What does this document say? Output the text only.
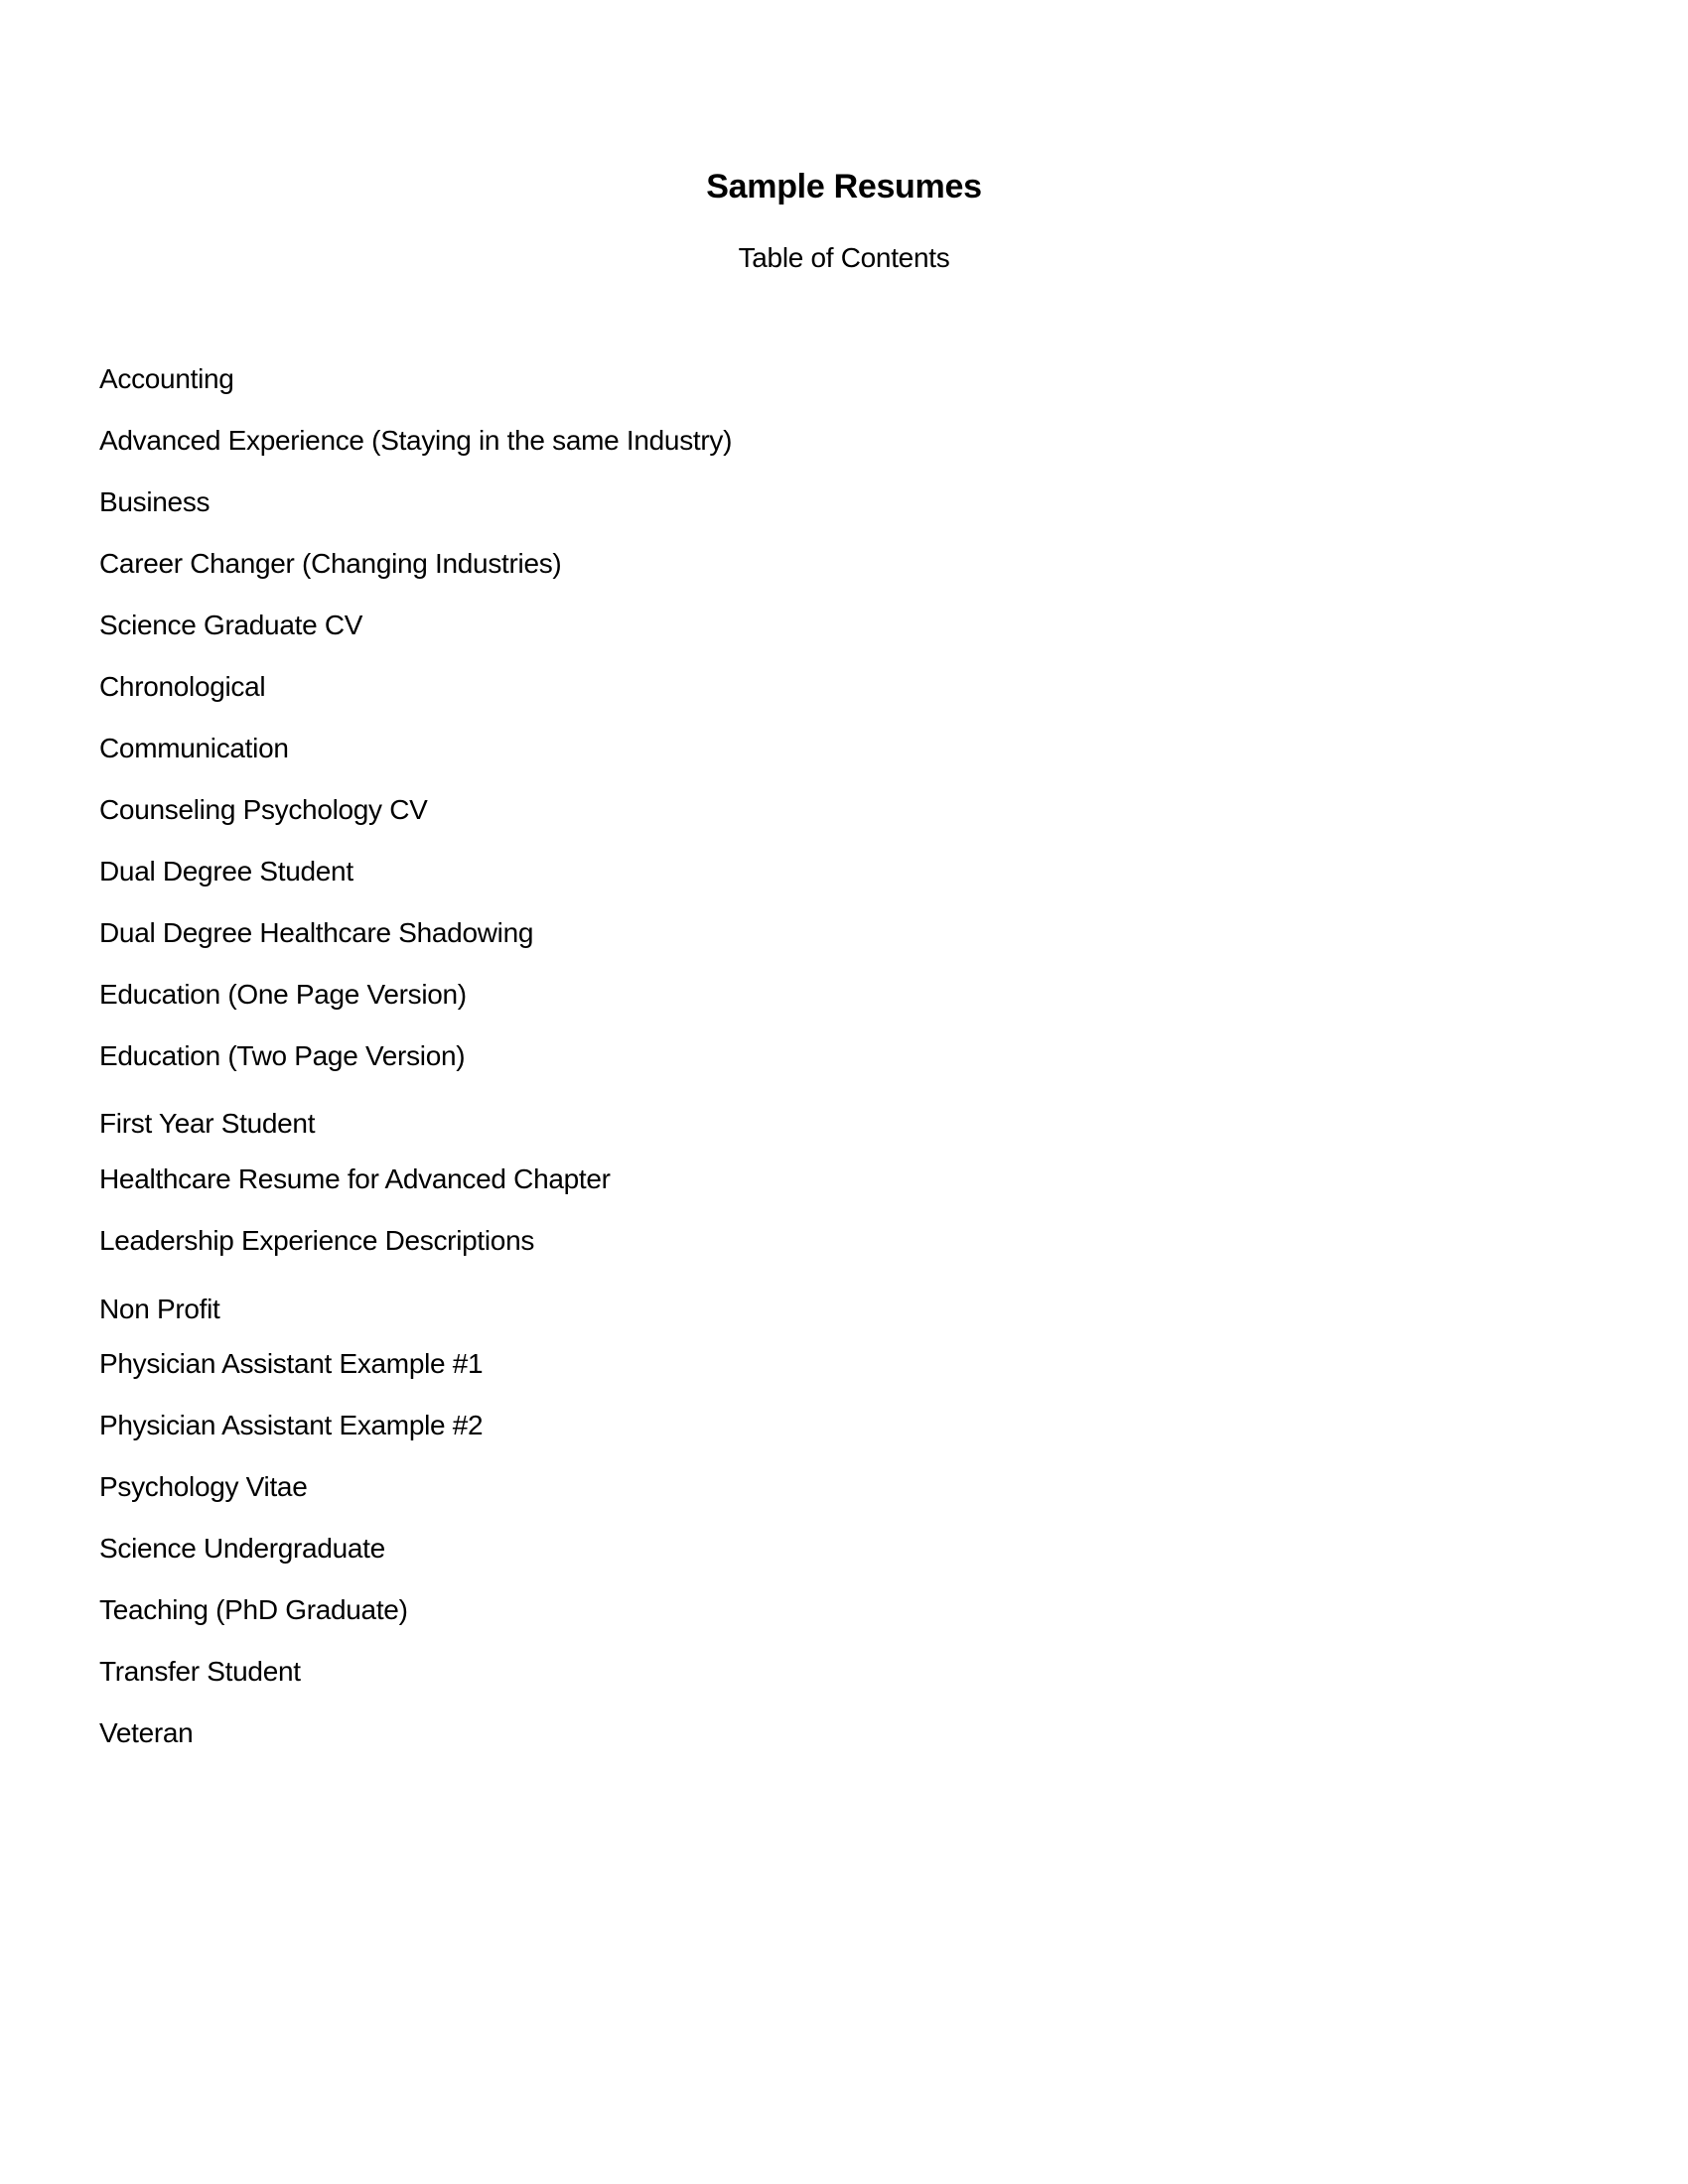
Sample Resumes
Table of Contents
Accounting
Advanced Experience (Staying in the same Industry)
Business
Career Changer (Changing Industries)
Science Graduate CV
Chronological
Communication
Counseling Psychology CV
Dual Degree Student
Dual Degree Healthcare Shadowing
Education (One Page Version)
Education (Two Page Version)
First Year Student
Healthcare Resume for Advanced Chapter
Leadership Experience Descriptions
Non Profit
Physician Assistant Example #1
Physician Assistant Example #2
Psychology Vitae
Science Undergraduate
Teaching (PhD Graduate)
Transfer Student
Veteran
